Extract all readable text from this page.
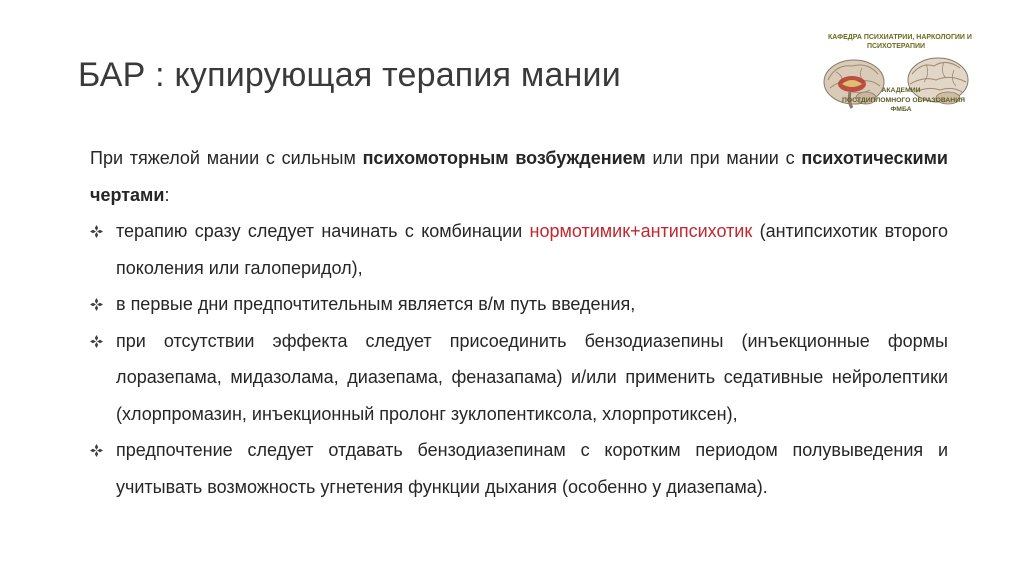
БАР : купирующая терапия мании
КАФЕДРА ПСИХИАТРИИ, НАРКОЛОГИИ И
ПСИХОТЕРАПИИ
АКАДЕМИИ
ПОСТДИПЛОМНОГО ОБРАЗОВАНИЯ
ФМБА

При тяжелой мании с сильным психомоторным возбуждением или при мании с психотическими чертами:

терапию сразу следует начинать с комбинации нормотимик+антипсихотик (антипсихотик второго поколения или галоперидол),
в первые дни предпочтительным является в/м путь введения,
при отсутствии эффекта следует присоединить бензодиазепины (инъекционные формы лоразепама, мидазолама, диазепама, феназапама) и/или применить седативные нейролептики (хлорпромазин, инъекционный пролонг зуклопентиксола, хлорпротиксен),
предпочтение следует отдавать бензодиазепинам с коротким периодом полувыведения и учитывать возможность угнетения функции дыхания (особенно у диазепама).
